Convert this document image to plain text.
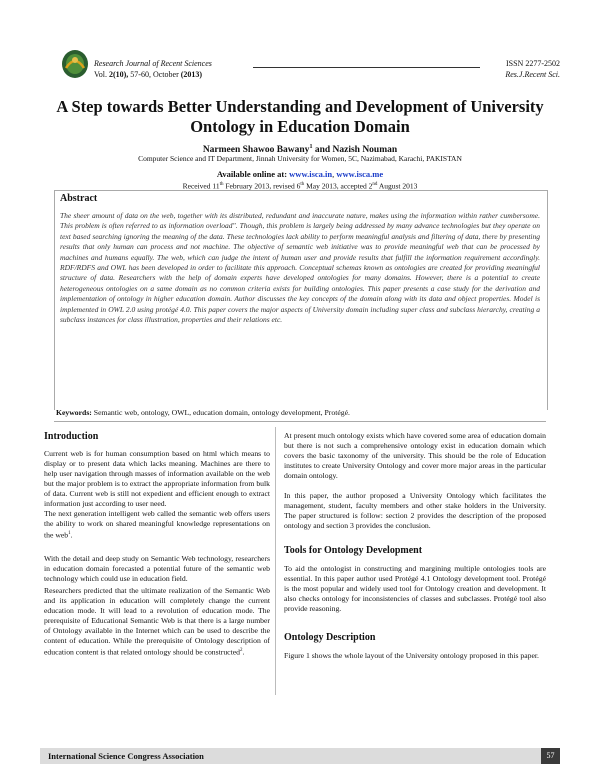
Research Journal of Recent Sciences
Vol. 2(10), 57-60, October (2013)
ISSN 2277-2502
Res.J.Recent Sci.
A Step towards Better Understanding and Development of University Ontology in Education Domain
Narmeen Shawoo Bawany$^1$ and Nazish Nouman
Computer Science and IT Department, Jinnah University for Women, 5C, Nazimabad, Karachi, PAKISTAN
Available online at: www.isca.in, www.isca.me
Received 11th February 2013, revised 6th May 2013, accepted 2nd August 2013
Abstract
The sheer amount of data on the web, together with its distributed, redundant and inaccurate nature, makes using the information within rather cumbersome. This problem is often referred to as information overload". Though, this problem is largely being addressed by many advance technologies but they operate on text based searching ignoring the meaning of the data. These technologies lack ability to perform meaningful analysis and filtering of data, there by presenting results that only human can process and not machine. The objective of semantic web initiative was to provide meaningful web that can be processed by machines and humans equally. The web, which can judge the intent of human user and provide results that fulfill the information requirement accordingly. RDF/RDFS and OWL has been developed in order to facilitate this approach. Conceptual schemas known as ontologies are created for providing meaningful structure of data. Researchers with the help of domain experts have developed ontologies for many domains. However, there is a potential to create heterogeneous ontologies on a same domain as no common criteria exists for building ontologies. This paper presents a case study for the derivation and implementation of ontology in higher education domain. Author discusses the key concepts of the domain along with its data and object properties. Model is implemented in OWL 2.0 using protégé 4.0. This paper covers the major aspects of University domain including super class and subclass hierarchy, creating a subclass instances for class illustration, properties and their relations etc.
Keywords: Semantic web, ontology, OWL, education domain, ontology development, Protégé.
Introduction
Current web is for human consumption based on html which means to display or to present data which lacks meaning. Machines are there to help user navigation through masses of information available on the web but the major problem is to extract the appropriate information from bulk of data. Current web is still not expedient and efficient enough to extract information just according to user need.
The next generation intelligent web called the semantic web offers users the ability to work on shared meaningful knowledge representations on the web$^1$.
With the detail and deep study on Semantic Web technology, researchers in education domain forecasted a potential future of the semantic web technology which could use in education field.
Researchers predicted that the ultimate realization of the Semantic Web and its application in education will completely change the current education mode. It will lead to a revolution of education mode. The prerequisite of Educational Semantic Web is that there is a large number of Ontology available in the Internet which can be used to describe the content of education. While the prerequisite of Ontology description of education content is that related ontology should be constructed$^2$.
At present much ontology exists which have covered some area of education domain but there is not such a comprehensive ontology exist in education domain which covers the basic taxonomy of the university. This should be the role of Education institutes to create University Ontology and cover more major areas in the particular domain ontology.
In this paper, the author proposed a University Ontology which facilitates the management, student, faculty members and other stake holders in the University. The paper structured is follow: section 2 provides the description of the proposed ontology and section 3 provides the conclusion.
Tools for Ontology Development
To aid the ontologist in constructing and margining multiple ontologies tools are essential. In this paper author used Protégé 4.1 Ontology development tool. Protégé is the most popular and widely used tool for Ontology creation and development. It also checks ontology for inconsistencies of classes and subclasses. Protégé tool also provide reasoning.
Ontology Description
Figure 1 shows the whole layout of the University ontology proposed in this paper.
International Science Congress Association	57
